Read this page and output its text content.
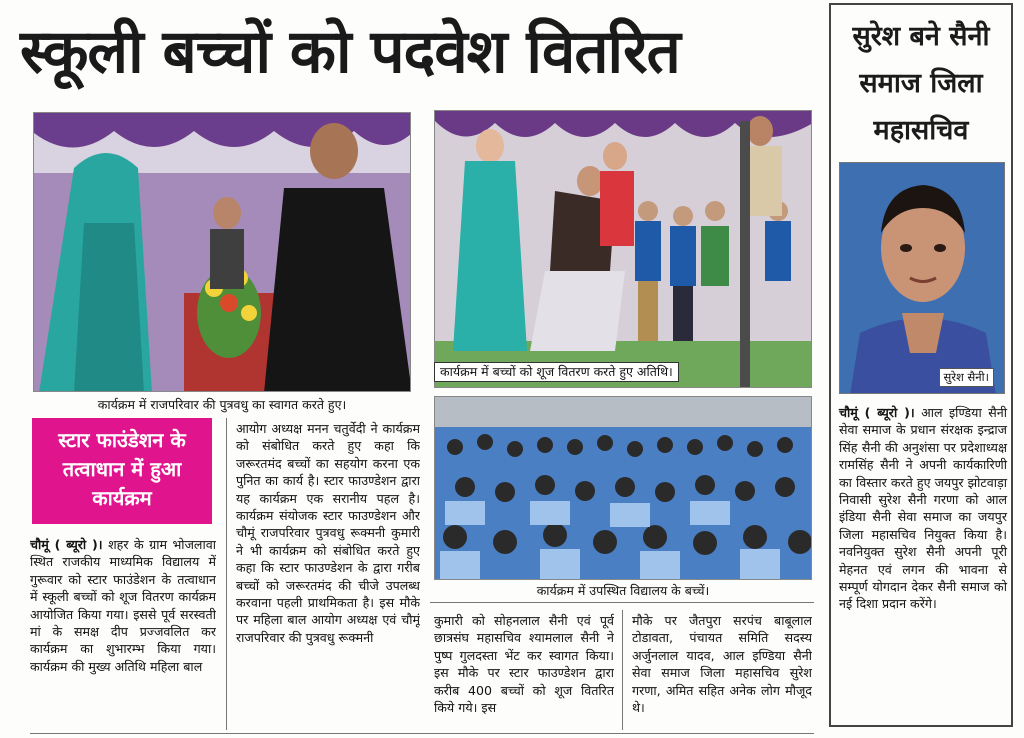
स्कूली बच्चों को पदवेश वितरित
कार्यक्रम में राजपरिवार की पुत्रवधु का स्वागत करते हुए।
कार्यक्रम में बच्चों को शूज वितरण करते हुए अतिथि।
कार्यक्रम में उपस्थित विद्यालय के बच्चें।
स्टार फाउंडेशन के
तत्वाधान में हुआ
कार्यक्रम
चौमूं ( ब्यूरो )। शहर के ग्राम भोजलावा स्थित राजकीय माध्यमिक विद्यालय में गुरूवार को स्टार फाउंडेशन के तत्वाधान में स्कूली बच्चों को शूज वितरण कार्यक्रम आयोजित किया गया। इससे पूर्व सरस्वती मां के समक्ष दीप प्रज्जवलित कर कार्यक्रम का शुभारम्भ किया गया। कार्यक्रम की मुख्य अतिथि महिला बाल
आयोग अध्यक्ष मनन चतुर्वेदी ने कार्यक्रम को संबोधित करते हुए कहा कि जरूरतमंद बच्चों का सहयोग करना एक पुनित का कार्य है। स्टार फाउण्डेशन द्वारा यह कार्यक्रम एक सरानीय पहल है। कार्यक्रम संयोजक स्टार फाउण्डेशन और चौमूं राजपरिवार पुत्रवधु रूक्मनी कुमारी ने भी कार्यक्रम को संबोधित करते हुए कहा कि स्टार फाउण्डेशन के द्वारा गरीब बच्चों को जरूरतमंद की चीजे उपलब्ध करवाना पहली प्राथमिकता है। इस मौके पर महिला बाल आयोग अध्यक्ष एवं चौमूं राजपरिवार की पुत्रवधु रूक्मनी
कुमारी को सोहनलाल सैनी एवं पूर्व छात्रसंघ महासचिव श्यामलाल सैनी ने पुष्प गुलदस्ता भेंट कर स्वागत किया। इस मौके पर स्टार फाउण्डेशन द्वारा करीब 400 बच्चों को शूज वितरित किये गये। इस
मौके पर जैतपुरा सरपंच बाबूलाल टोडावता, पंचायत समिति सदस्य अर्जुनलाल यादव, आल इण्डिया सैनी सेवा समाज जिला महासचिव सुरेश गरणा, अमित सहित अनेक लोग मौजूद थे।
सुरेश बने सैनी
समाज जिला
महासचिव
सुरेश सैनी।
चौमूं ( ब्यूरो )। आल इण्डिया सैनी सेवा समाज के प्रधान संरक्षक इन्द्राज सिंह सैनी की अनुशंसा पर प्रदेशाध्यक्ष रामसिंह सैनी ने अपनी कार्यकारिणी का विस्तार करते हुए जयपुर झोटवाड़ा निवासी सुरेश सैनी गरणा को आल इंडिया सैनी सेवा समाज का जयपुर जिला महासचिव नियुक्त किया है। नवनियुक्त सुरेश सैनी अपनी पूरी मेहनत एवं लगन की भावना से सम्पूर्ण योगदान देकर सैनी समाज को नई दिशा प्रदान करेंगे।
